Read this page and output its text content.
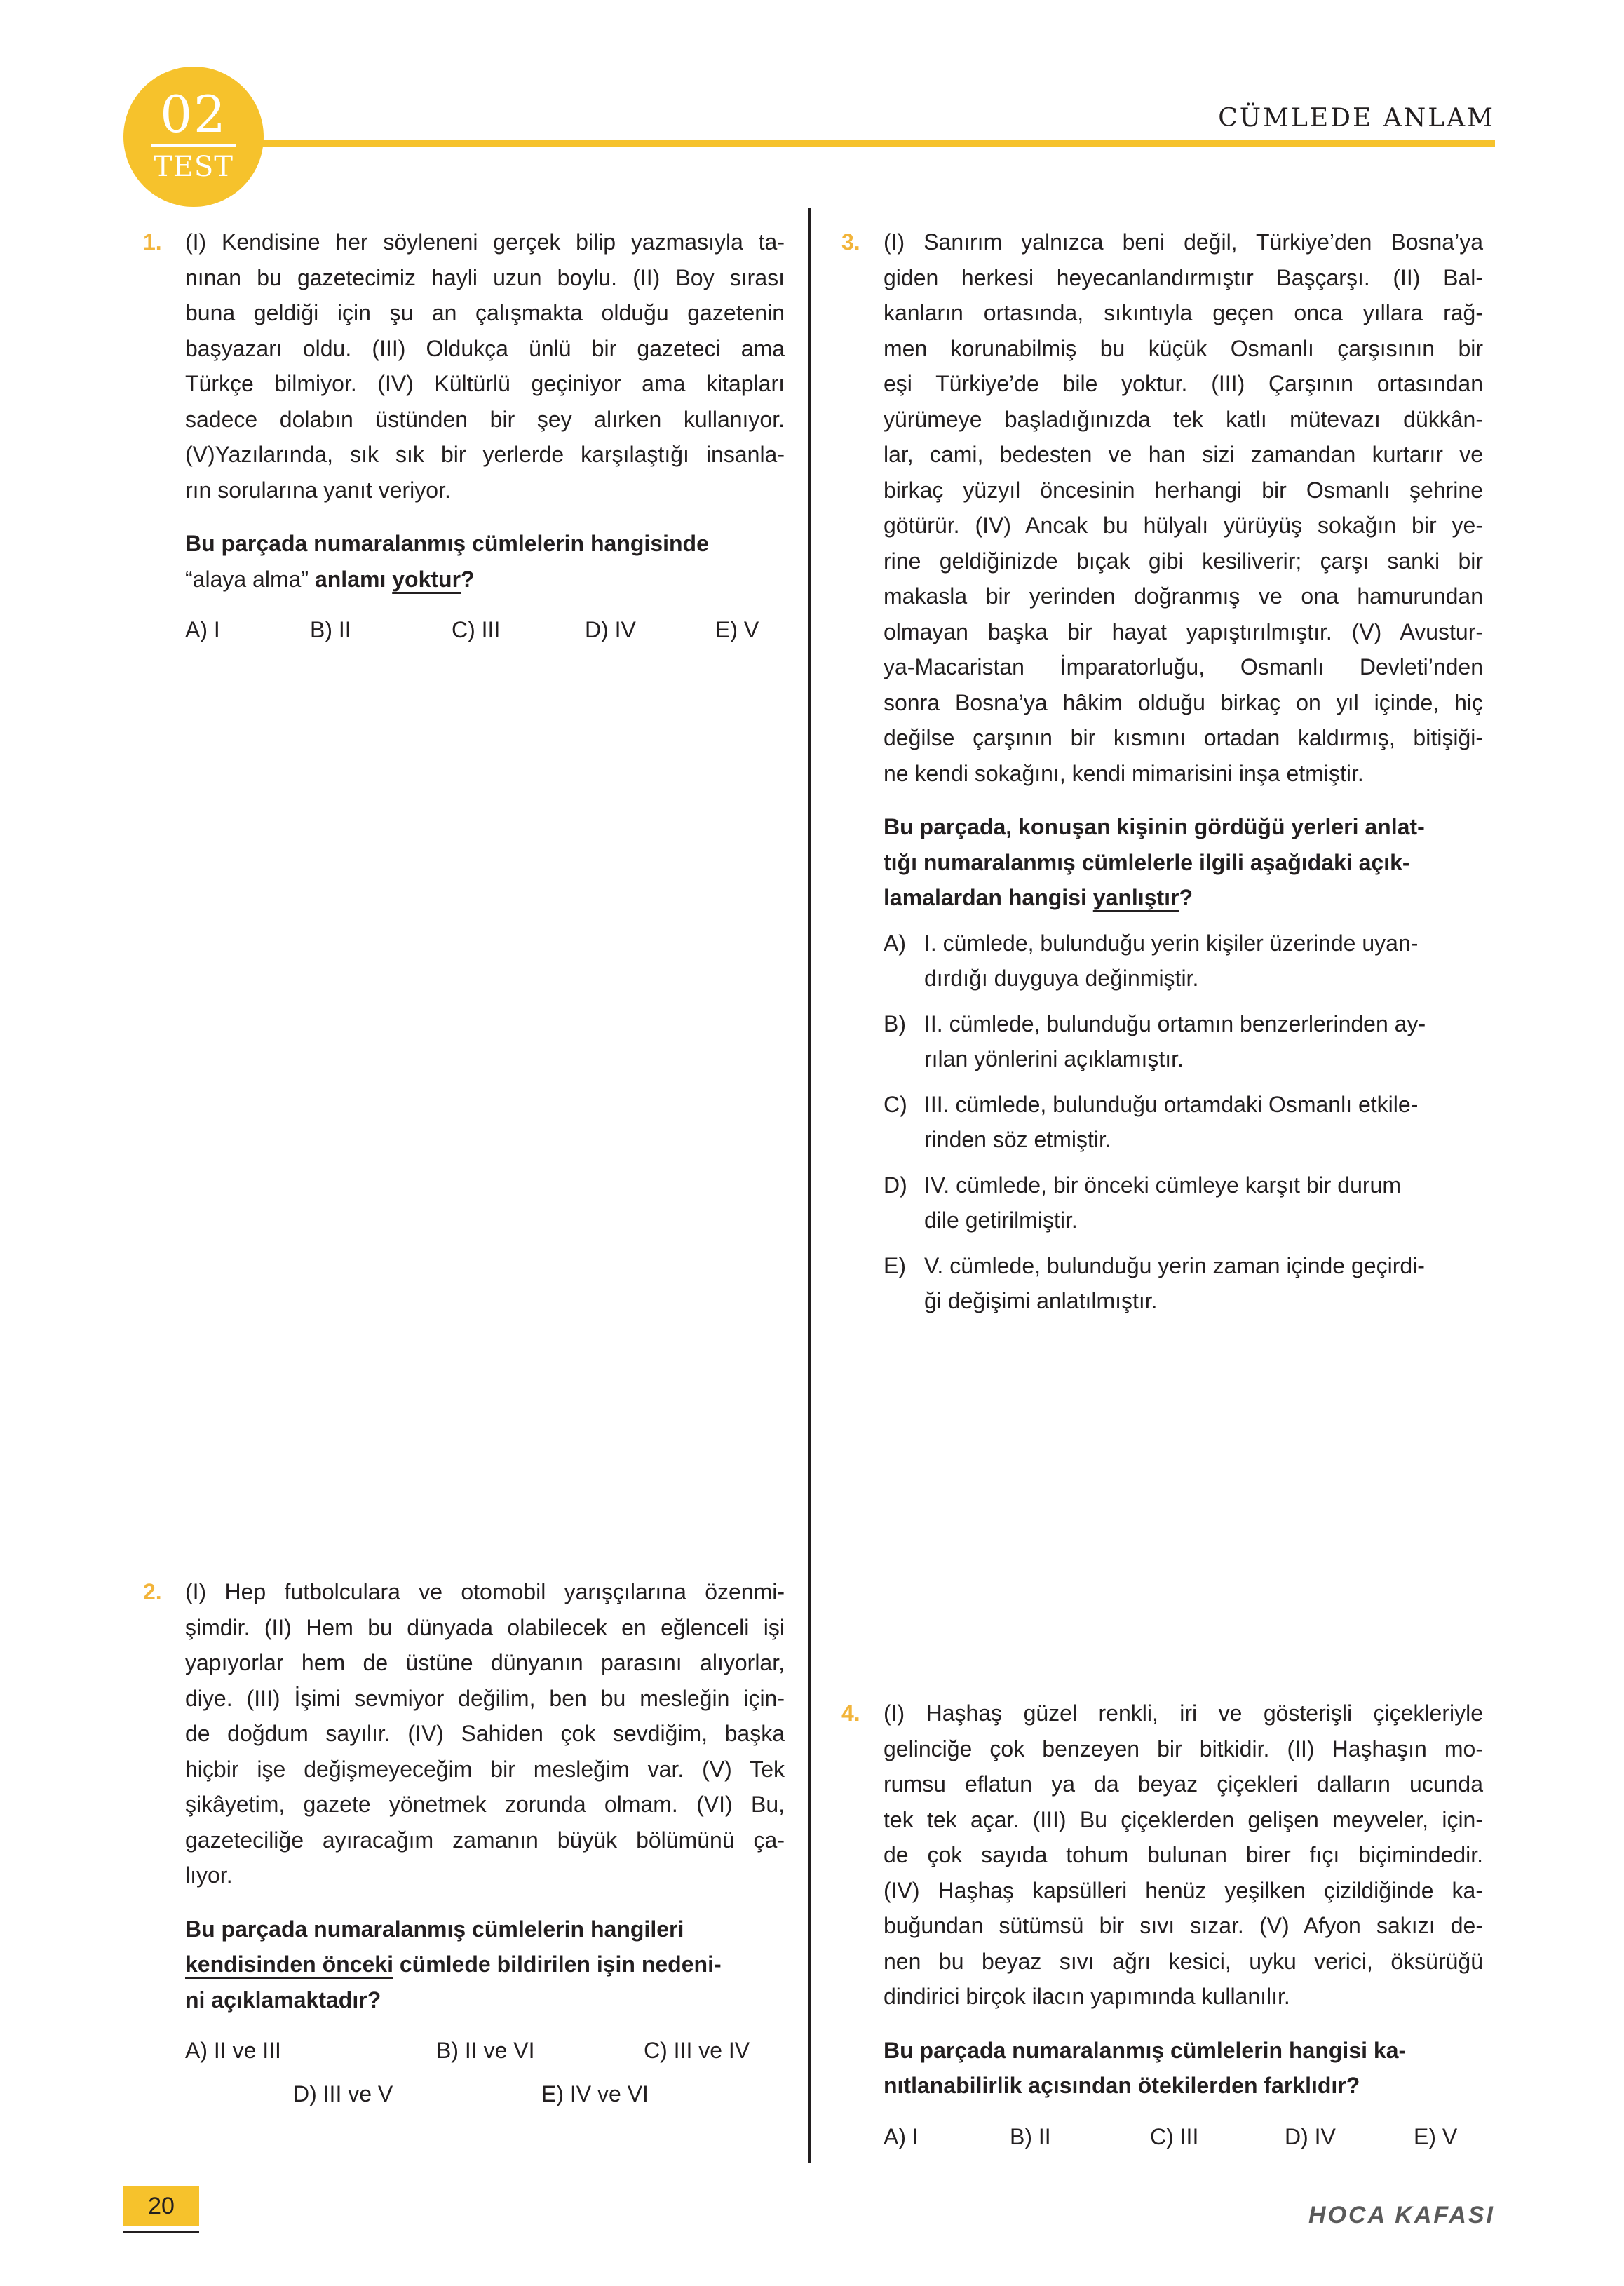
02
TEST
CÜMLEDE ANLAM
1. (I) Kendisine her söyleneni gerçek bilip yazmasıyla ta-

nınan bu gazetecimiz hayli uzun boylu. (II) Boy sırası

buna geldiği için şu an çalışmakta olduğu gazetenin

başyazarı oldu. (III) Oldukça ünlü bir gazeteci ama

Türkçe bilmiyor. (IV) Kültürlü geçiniyor ama kitapları

sadece dolabın üstünden bir şey alırken kullanıyor.

(V)Yazılarında, sık sık bir yerlerde karşılaştığı insanla-

rın sorularına yanıt veriyor.

Bu parçada numaralanmış cümlelerin hangisinde
“alaya alma” anlamı yoktur?
A) I	B) II	C) III	D) IV	E) V
2. (I) Hep futbolculara ve otomobil yarışçılarına özenmi-

şimdir. (II) Hem bu dünyada olabilecek en eğlenceli işi

yapıyorlar hem de üstüne dünyanın parasını alıyorlar,

diye. (III) İşimi sevmiyor değilim, ben bu mesleğin için-

de doğdum sayılır. (IV) Sahiden çok sevdiğim, başka

hiçbir işe değişmeyeceğim bir mesleğim var. (V) Tek

şikâyetim, gazete yönetmek zorunda olmam. (VI) Bu,

gazeteciliğe ayıracağım zamanın büyük bölümünü ça-

lıyor.

Bu parçada numaralanmış cümlelerin hangileri
kendisinden önceki cümlede bildirilen işin nedeni-
ni açıklamaktadır?
A) II ve III	B) II ve VI	C) III ve IV
D) III ve V	E) IV ve VI
3. (I) Sanırım yalnızca beni değil, Türkiye’den Bosna’ya

giden herkesi heyecanlandırmıştır Başçarşı. (II) Bal-

kanların ortasında, sıkıntıyla geçen onca yıllara rağ-

men korunabilmiş bu küçük Osmanlı çarşısının bir

eşi Türkiye’de bile yoktur. (III) Çarşının ortasından

yürümeye başladığınızda tek katlı mütevazı dükkân-

lar, cami, bedesten ve han sizi zamandan kurtarır ve

birkaç yüzyıl öncesinin herhangi bir Osmanlı şehrine

götürür. (IV) Ancak bu hülyalı yürüyüş sokağın bir ye-

rine geldiğinizde bıçak gibi kesiliverir; çarşı sanki bir

makasla bir yerinden doğranmış ve ona hamurundan

olmayan başka bir hayat yapıştırılmıştır. (V) Avustur-

ya-Macaristan İmparatorluğu, Osmanlı Devleti’nden

sonra Bosna’ya hâkim olduğu birkaç on yıl içinde, hiç

değilse çarşının bir kısmını ortadan kaldırmış, bitişiği-

ne kendi sokağını, kendi mimarisini inşa etmiştir.

Bu parçada, konuşan kişinin gördüğü yerleri anlat-
tığı numaralanmış cümlelerle ilgili aşağıdaki açık-
lamalardan hangisi yanlıştır?
A) I. cümlede, bulunduğu yerin kişiler üzerinde uyan-
dırdığı duyguya değinmiştir.
B) II. cümlede, bulunduğu ortamın benzerlerinden ay-
rılan yönlerini açıklamıştır.
C) III. cümlede, bulunduğu ortamdaki Osmanlı etkile-
rinden söz etmiştir.
D) IV. cümlede, bir önceki cümleye karşıt bir durum
dile getirilmiştir.
E) V. cümlede, bulunduğu yerin zaman içinde geçirdi-
ği değişimi anlatılmıştır.
4. (I) Haşhaş güzel renkli, iri ve gösterişli çiçekleriyle

gelinciğe çok benzeyen bir bitkidir. (II) Haşhaşın mo-

rumsu eflatun ya da beyaz çiçekleri dalların ucunda

tek tek açar. (III) Bu çiçeklerden gelişen meyveler, için-

de çok sayıda tohum bulunan birer fıçı biçimindedir.

(IV) Haşhaş kapsülleri henüz yeşilken çizildiğinde ka-

buğundan sütümsü bir sıvı sızar. (V) Afyon sakızı de-

nen bu beyaz sıvı ağrı kesici, uyku verici, öksürüğü

dindirici birçok ilacın yapımında kullanılır.

Bu parçada numaralanmış cümlelerin hangisi ka-
nıtlanabilirlik açısından ötekilerden farklıdır?
A) I	B) II	C) III	D) IV	E) V
20	HOCA KAFASI
